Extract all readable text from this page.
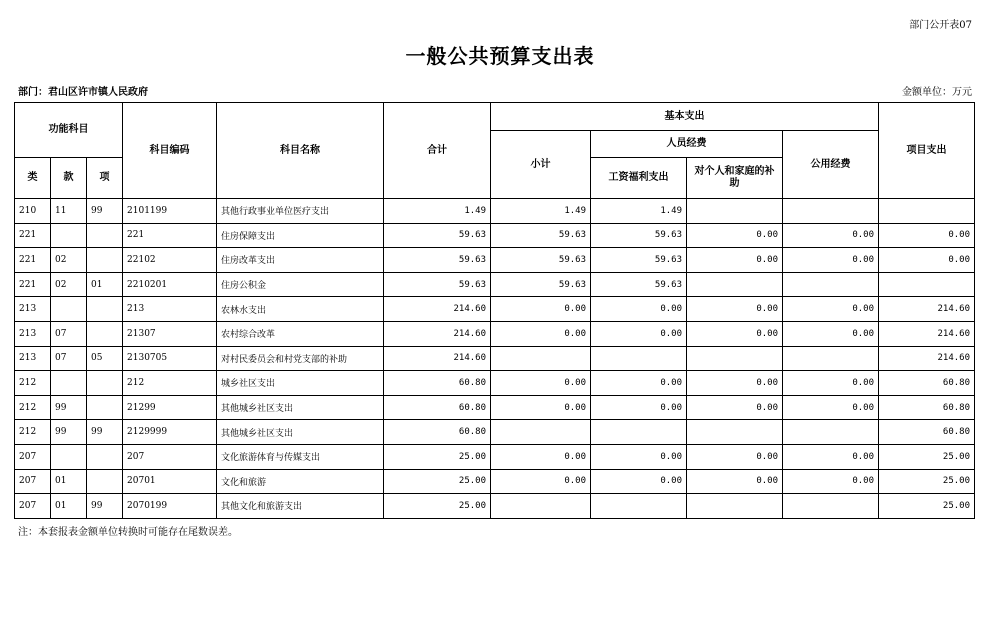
部门公开表07
一般公共预算支出表
部门：君山区许市镇人民政府	金额单位：万元
功能科目			科目编码	科目名称	合计	基本支出				项目支出
						小计	人员经费		公用经费	
类	款	项					工资福利支出	对个人和家庭的补助		
210	11	99	2101199	其他行政事业单位医疗支出	1.49	1.49	1.49			
221			221	住房保障支出	59.63	59.63	59.63	0.00	0.00	0.00
221	02		22102	住房改革支出	59.63	59.63	59.63	0.00	0.00	0.00
221	02	01	2210201	住房公积金	59.63	59.63	59.63			
213			213	农林水支出	214.60	0.00	0.00	0.00	0.00	214.60
213	07		21307	农村综合改革	214.60	0.00	0.00	0.00	0.00	214.60
213	07	05	2130705	对村民委员会和村党支部的补助	214.60					214.60
212			212	城乡社区支出	60.80	0.00	0.00	0.00	0.00	60.80
212	99		21299	其他城乡社区支出	60.80	0.00	0.00	0.00	0.00	60.80
212	99	99	2129999	其他城乡社区支出	60.80					60.80
207			207	文化旅游体育与传媒支出	25.00	0.00	0.00	0.00	0.00	25.00
207	01		20701	文化和旅游	25.00	0.00	0.00	0.00	0.00	25.00
207	01	99	2070199	其他文化和旅游支出	25.00					25.00
注：本套报表金额单位转换时可能存在尾数误差。
